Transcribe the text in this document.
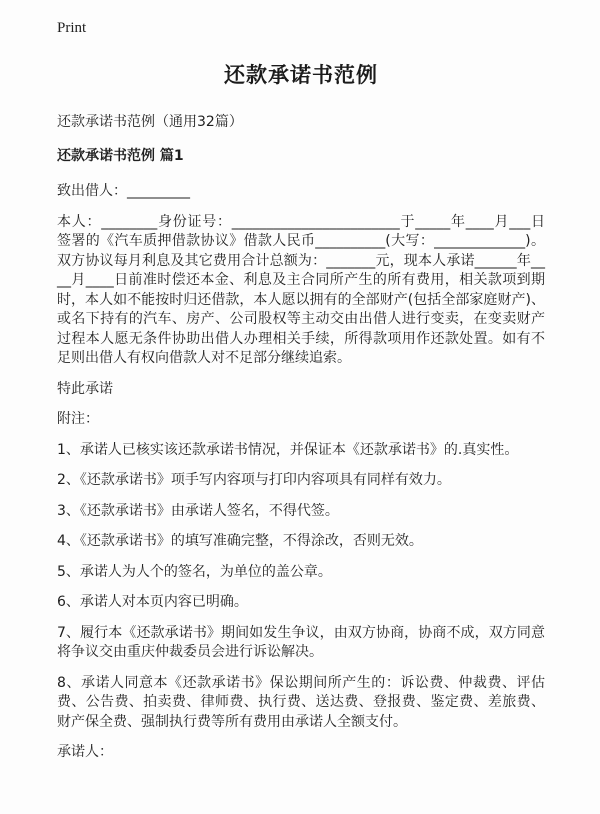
Print
还款承诺书范例
还款承诺书范例（通用32篇）
还款承诺书范例 篇1

致出借人：_________

本人：________身份证号：________________________于_____年____月___日签署的《汽车质押借款协议》借款人民币__________(大写：_____________)。双方协议每月利息及其它费用合计总额为：_______元，现本人承诺______年____月____日前准时偿还本金、利息及主合同所产生的所有费用，相关款项到期时，本人如不能按时归还借款，本人愿以拥有的全部财产(包括全部家庭财产)、或名下持有的汽车、房产、公司股权等主动交由出借人进行变卖，在变卖财产过程本人愿无条件协助出借人办理相关手续，所得款项用作还款处置。如有不足则出借人有权向借款人对不足部分继续追索。

特此承诺

附注：

1、承诺人已核实该还款承诺书情况，并保证本《还款承诺书》的.真实性。

2、《还款承诺书》项手写内容项与打印内容项具有同样有效力。

3、《还款承诺书》由承诺人签名，不得代签。

4、《还款承诺书》的填写准确完整，不得涂改，否则无效。

5、承诺人为人个的签名，为单位的盖公章。

6、承诺人对本页内容已明确。

7、履行本《还款承诺书》期间如发生争议，由双方协商，协商不成，双方同意将争议交由重庆仲裁委员会进行诉讼解决。

8、承诺人同意本《还款承诺书》保讼期间所产生的：诉讼费、仲裁费、评估费、公告费、拍卖费、律师费、执行费、送达费、登报费、鉴定费、差旅费、财产保全费、强制执行费等所有费用由承诺人全额支付。

承诺人：
